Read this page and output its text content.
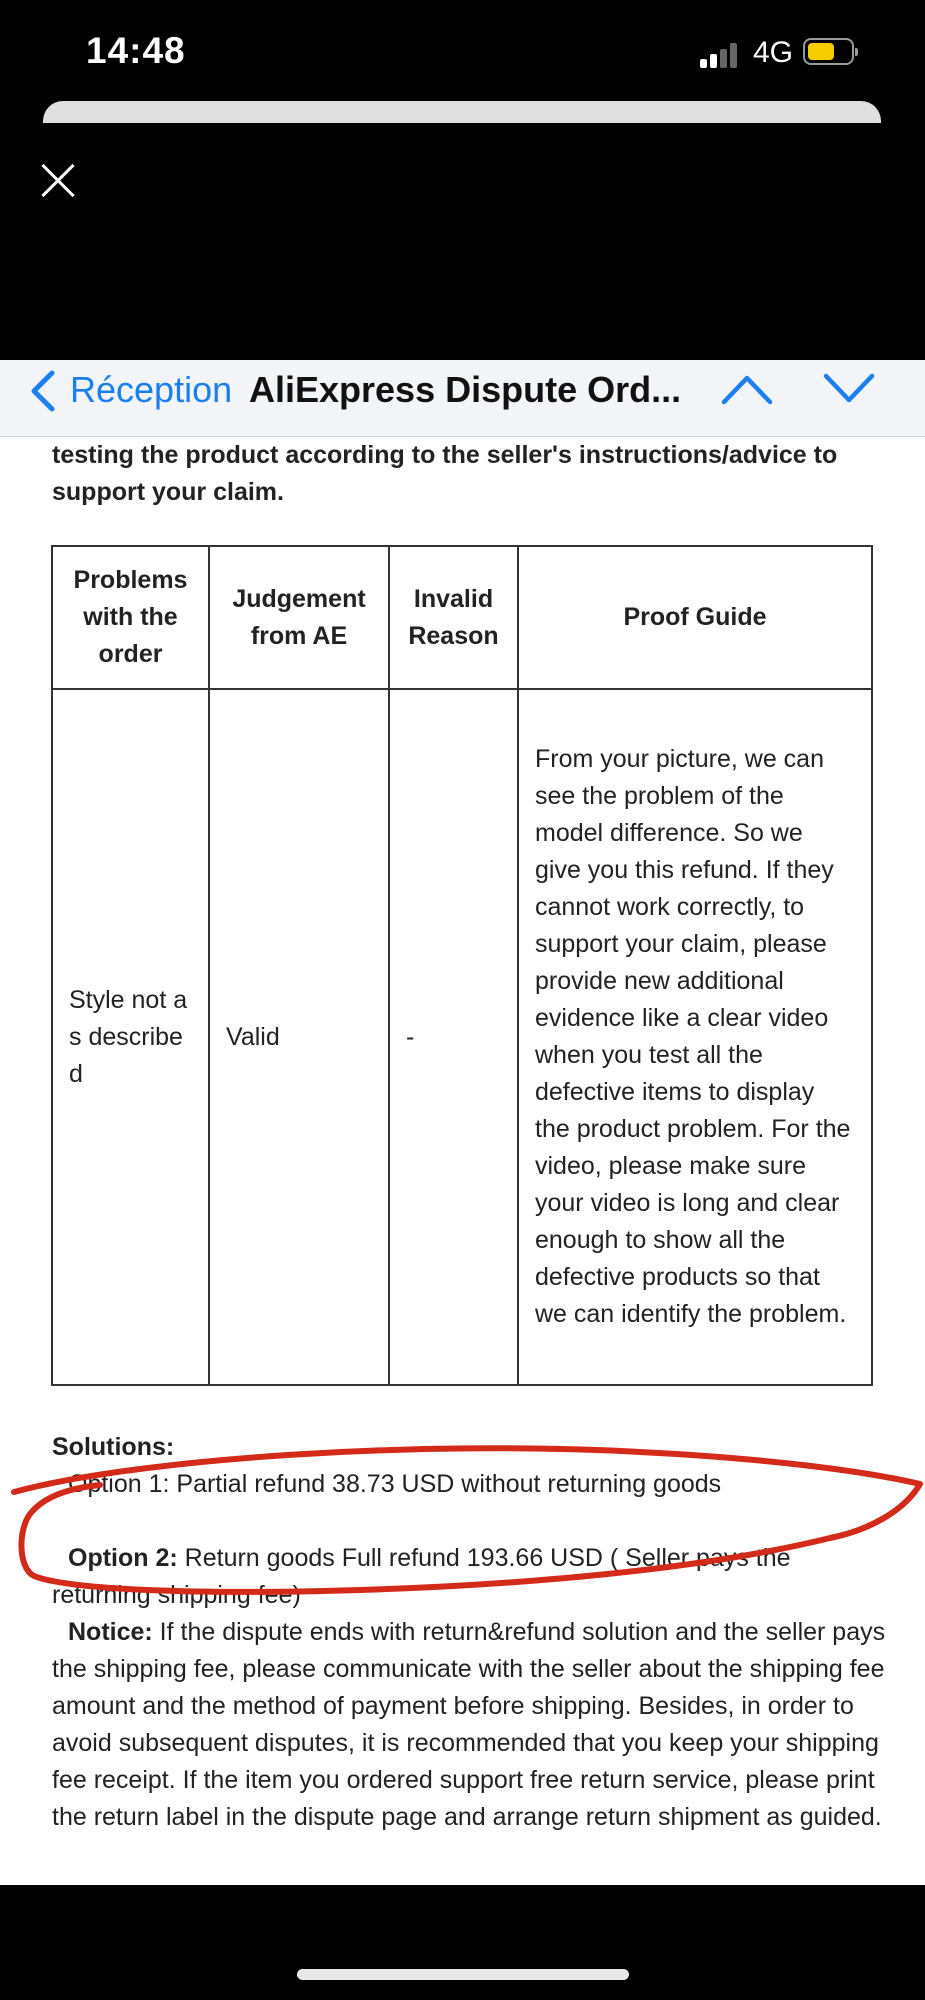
14:48	4G
Réception AliExpress Dispute Ord...
testing the product according to the seller's instructions/advice to support your claim.
Problems with the order	Judgement from AE	Invalid Reason	Proof Guide
Style not as describe d	Valid	-	From your picture, we can see the problem of the model difference. So we give you this refund. If they cannot work correctly, to support your claim, please provide new additional evidence like a clear video when you test all the defective items to display the product problem. For the video, please make sure your video is long and clear enough to show all the defective products so that we can identify the problem.
Solutions:
Option 1: Partial refund 38.73 USD without returning goods
Option 2: Return goods Full refund 193.66 USD ( Seller pays the returning shipping fee)
Notice: If the dispute ends with return&refund solution and the seller pays the shipping fee, please communicate with the seller about the shipping fee amount and the method of payment before shipping. Besides, in order to avoid subsequent disputes, it is recommended that you keep your shipping fee receipt. If the item you ordered support free return service, please print the return label in the dispute page and arrange return shipment as guided.
